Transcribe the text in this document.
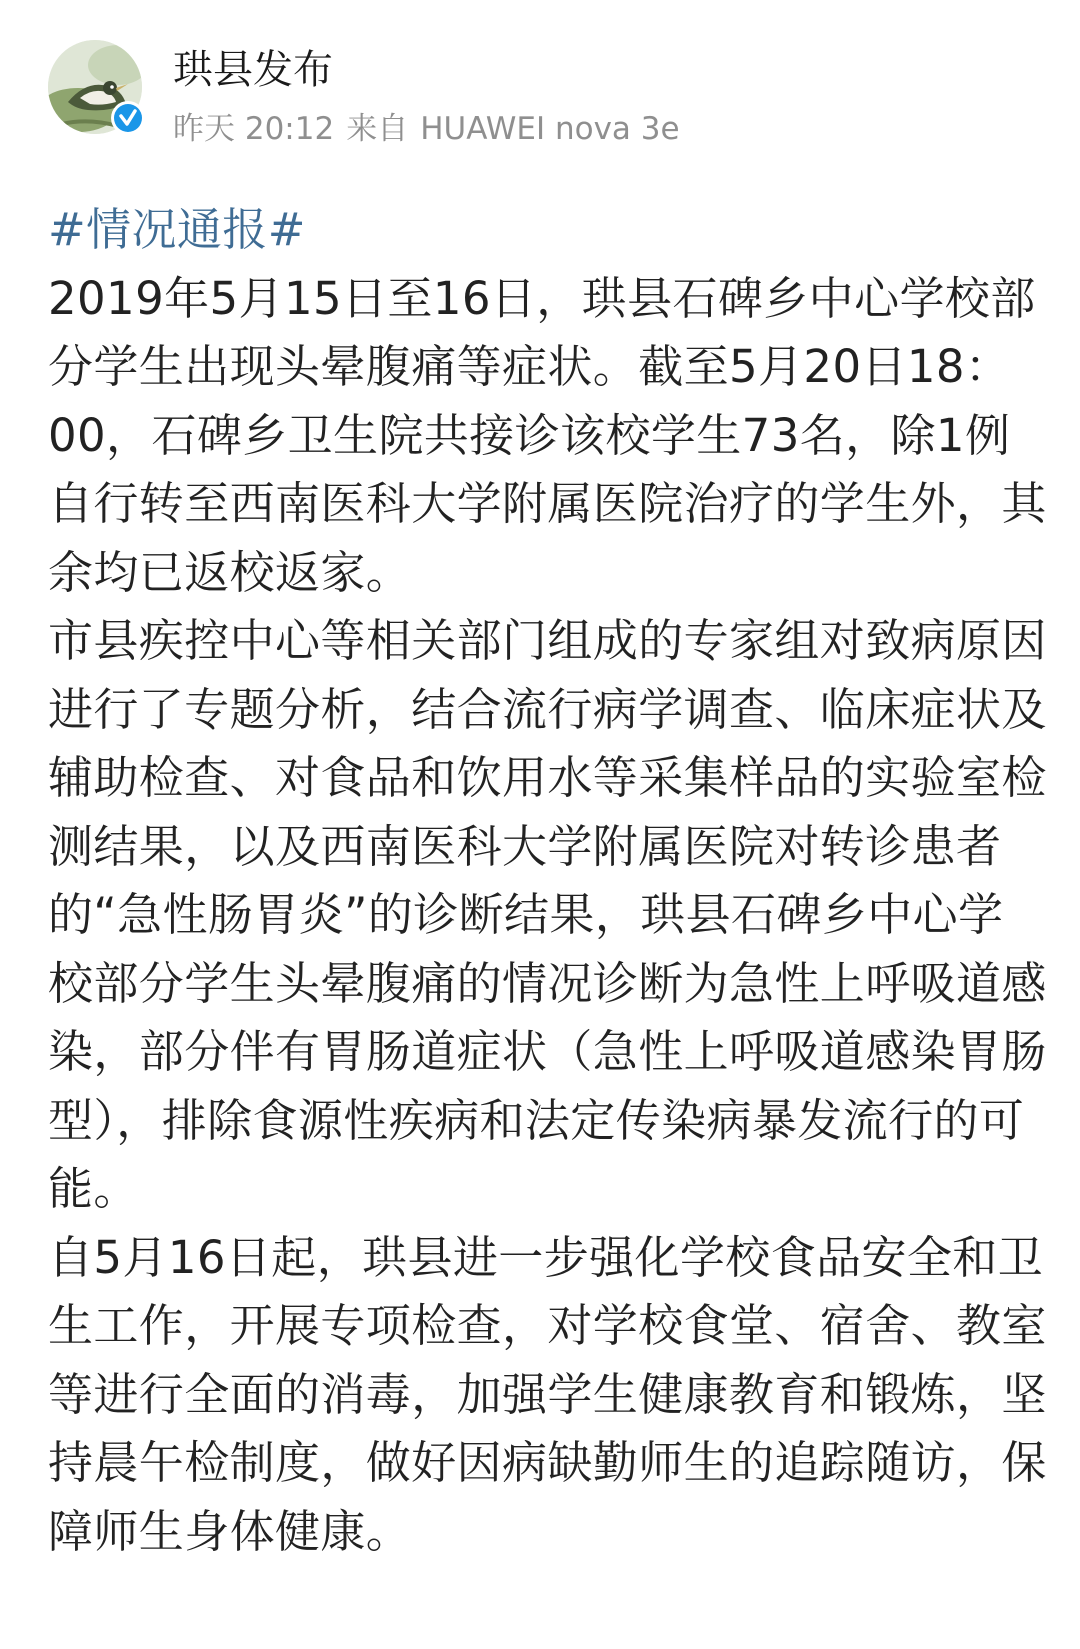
珙县发布
昨天 20:12 来自 HUAWEI nova 3e
#情况通报#
2019年5月15日至16日，珙县石碑乡中心学校部分学生出现头晕腹痛等症状。截至5月20日18：00，石碑乡卫生院共接诊该校学生73名，除1例自行转至西南医科大学附属医院治疗的学生外，其余均已返校返家。
市县疾控中心等相关部门组成的专家组对致病原因进行了专题分析，结合流行病学调查、临床症状及辅助检查、对食品和饮用水等采集样品的实验室检测结果，以及西南医科大学附属医院对转诊患者的“急性肠胃炎”的诊断结果，珙县石碑乡中心学校部分学生头晕腹痛的情况诊断为急性上呼吸道感染，部分伴有胃肠道症状（急性上呼吸道感染胃肠型），排除食源性疾病和法定传染病暴发流行的可能。
自5月16日起，珙县进一步强化学校食品安全和卫生工作，开展专项检查，对学校食堂、宿舍、教室等进行全面的消毒，加强学生健康教育和锻炼，坚持晨午检制度，做好因病缺勤师生的追踪随访，保障师生身体健康。
